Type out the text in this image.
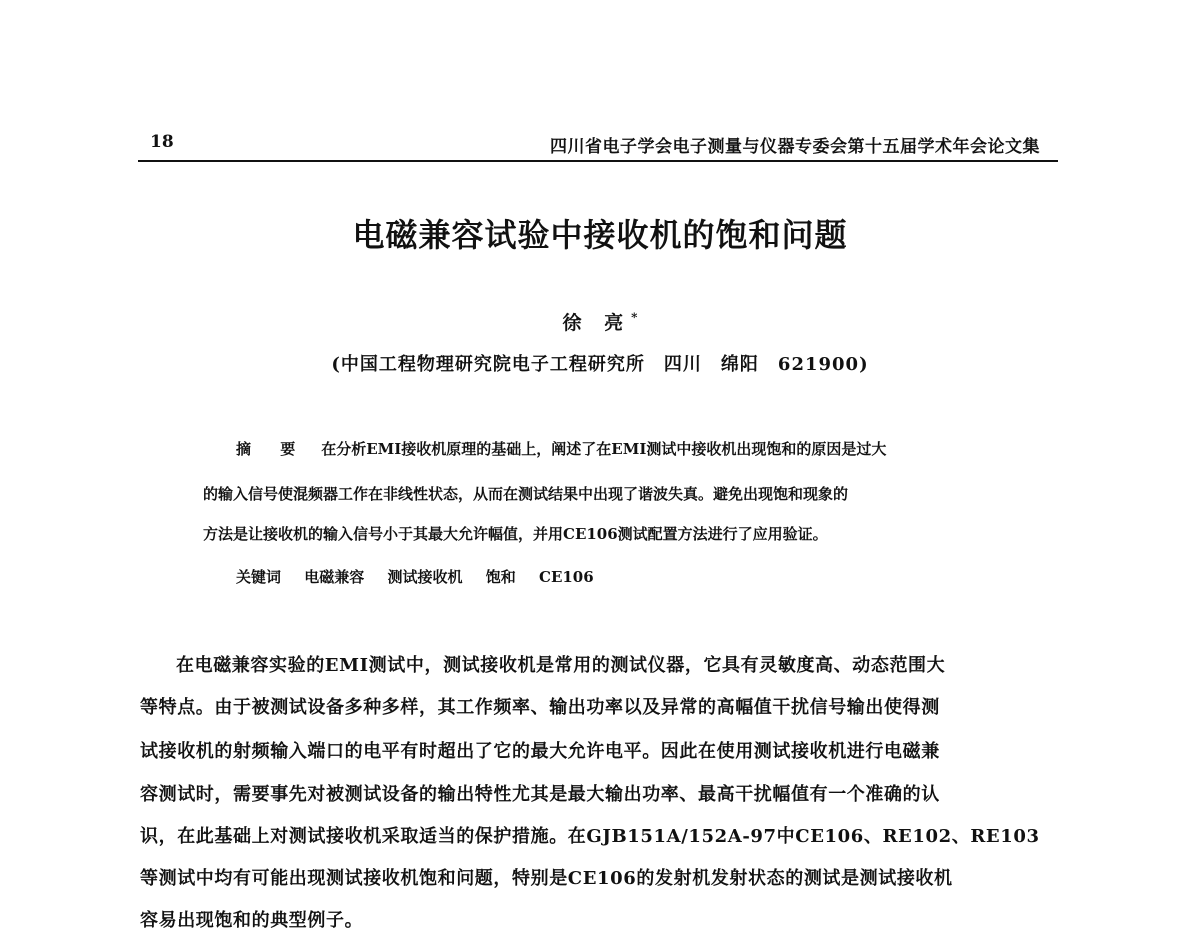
18	四川省电子学会电子测量与仪器专委会第十五届学术年会论文集
电磁兼容试验中接收机的饱和问题
徐 亮*
(中国工程物理研究院电子工程研究所　四川　绵阳　621900)
摘 要 在分析EMI接收机原理的基础上，阐述了在EMI测试中接收机出现饱和的原因是过大
的输入信号使混频器工作在非线性状态，从而在测试结果中出现了谐波失真。避免出现饱和现象的
方法是让接收机的输入信号小于其最大允许幅值，并用CE106测试配置方法进行了应用验证。
关键词 电磁兼容 测试接收机 饱和 CE106
在电磁兼容实验的EMI测试中，测试接收机是常用的测试仪器，它具有灵敏度高、动态范围大
等特点。由于被测试设备多种多样，其工作频率、输出功率以及异常的高幅值干扰信号输出使得测
试接收机的射频输入端口的电平有时超出了它的最大允许电平。因此在使用测试接收机进行电磁兼
容测试时，需要事先对被测试设备的输出特性尤其是最大输出功率、最高干扰幅值有一个准确的认
识，在此基础上对测试接收机采取适当的保护措施。在GJB151A/152A-97中CE106、RE102、RE103
等测试中均有可能出现测试接收机饱和问题，特别是CE106的发射机发射状态的测试是测试接收机
容易出现饱和的典型例子。
